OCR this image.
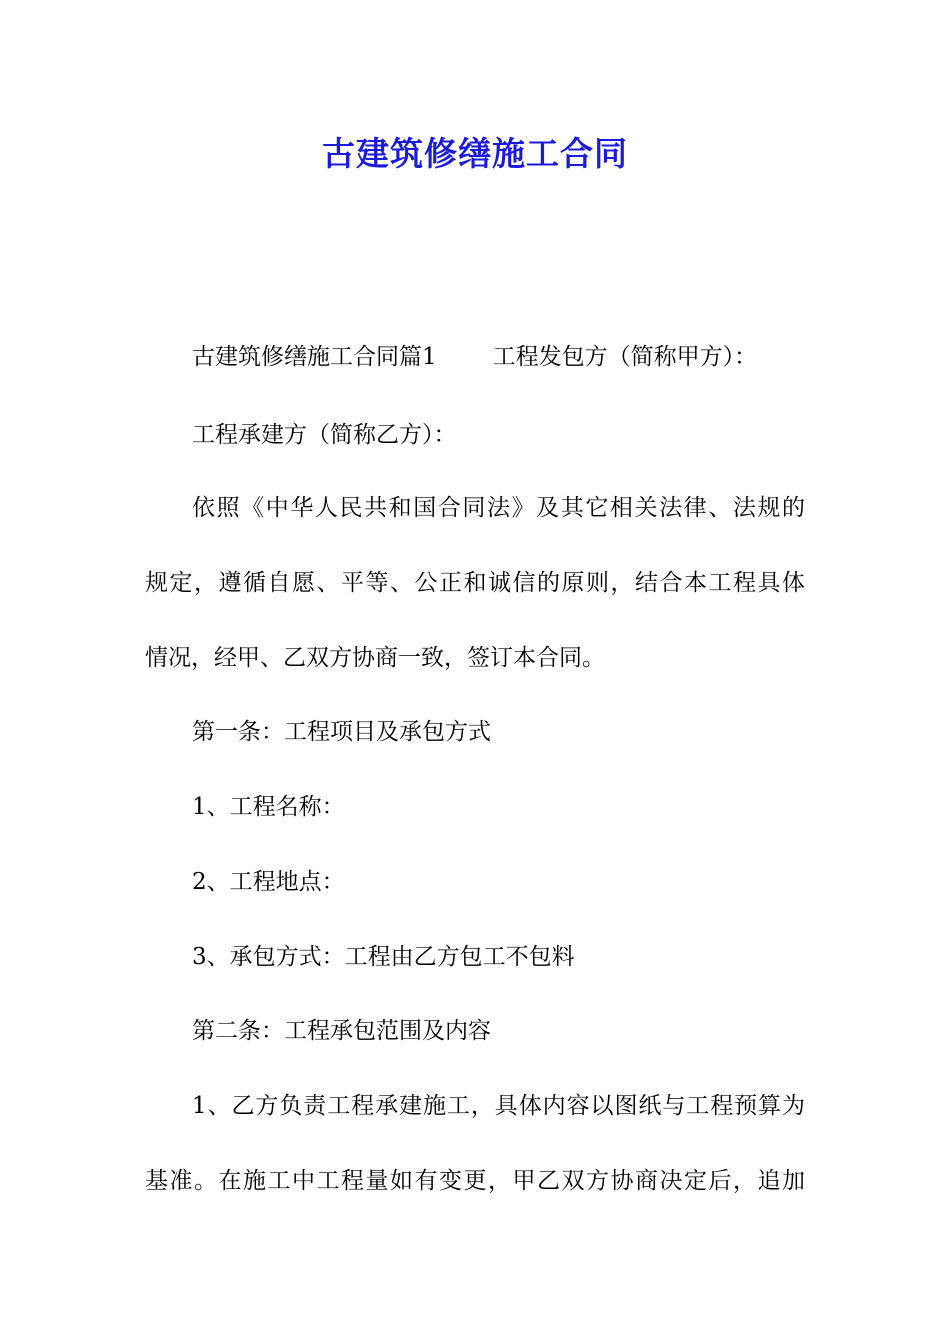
古建筑修缮施工合同

古建筑修缮施工合同篇1 工程发包方（简称甲方）：

工程承建方（简称乙方）：

依照《中华人民共和国合同法》及其它相关法律、法规的

规定，遵循自愿、平等、公正和诚信的原则，结合本工程具体

情况，经甲、乙双方协商一致，签订本合同。

第一条：工程项目及承包方式

1、工程名称：

2、工程地点：

3、承包方式：工程由乙方包工不包料

第二条：工程承包范围及内容

1、乙方负责工程承建施工，具体内容以图纸与工程预算为

基准。在施工中工程量如有变更，甲乙双方协商决定后，追加
